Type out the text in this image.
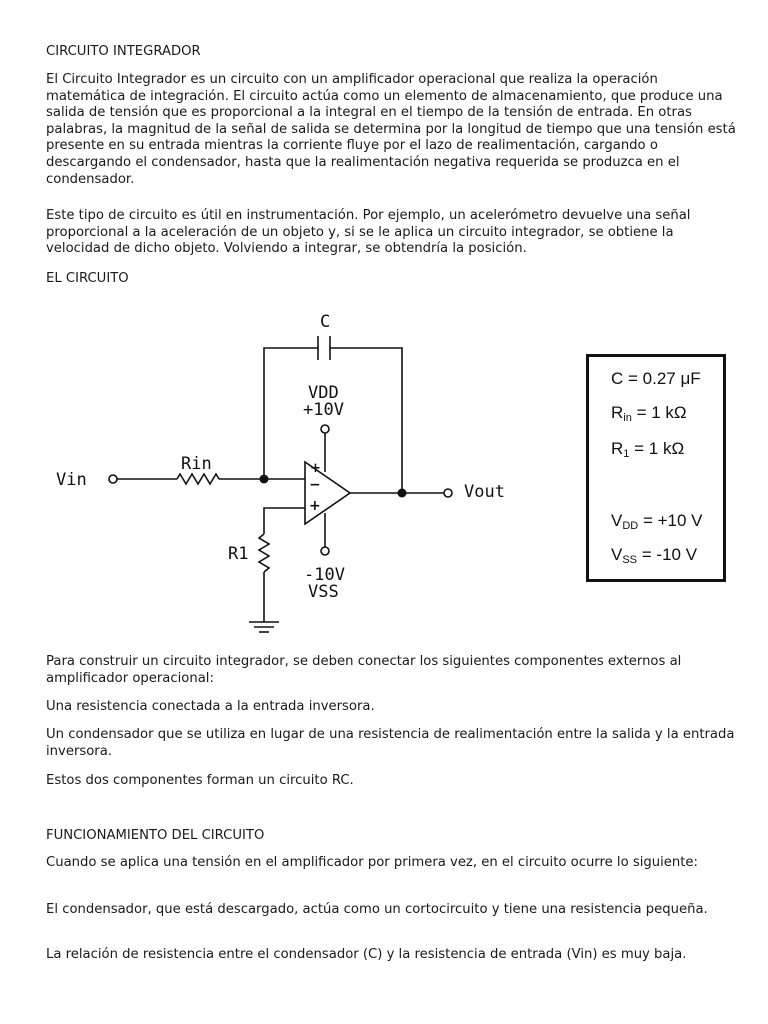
CIRCUITO INTEGRADOR

El Circuito Integrador es un circuito con un amplificador operacional que realiza la operación matemática de integración. El circuito actúa como un elemento de almacenamiento, que produce una salida de tensión que es proporcional a la integral en el tiempo de la tensión de entrada. En otras palabras, la magnitud de la señal de salida se determina por la longitud de tiempo que una tensión está presente en su entrada mientras la corriente fluye por el lazo de realimentación, cargando o descargando el condensador, hasta que la realimentación negativa requerida se produzca en el condensador.

Este tipo de circuito es útil en instrumentación. Por ejemplo, un acelerómetro devuelve una señal proporcional a la aceleración de un objeto y, si se le aplica un circuito integrador, se obtiene la velocidad de dicho objeto. Volviendo a integrar, se obtendría la posición.

EL CIRCUITO

C
VDD
+10V
Vin
Rin
Vout
R1
-10V
VSS
+
−
+
C = 0.27 μF
$R_{in} = 1$ kΩ
$R_1 = 1$ kΩ
$V_{DD} = +10$ V
$V_{SS} = -10$ V

Para construir un circuito integrador, se deben conectar los siguientes componentes externos al amplificador operacional:

Una resistencia conectada a la entrada inversora.

Un condensador que se utiliza en lugar de una resistencia de realimentación entre la salida y la entrada inversora.

Estos dos componentes forman un circuito RC.

FUNCIONAMIENTO DEL CIRCUITO

Cuando se aplica una tensión en el amplificador por primera vez, en el circuito ocurre lo siguiente:

El condensador, que está descargado, actúa como un cortocircuito y tiene una resistencia pequeña.

La relación de resistencia entre el condensador (C) y la resistencia de entrada (Vin) es muy baja.
